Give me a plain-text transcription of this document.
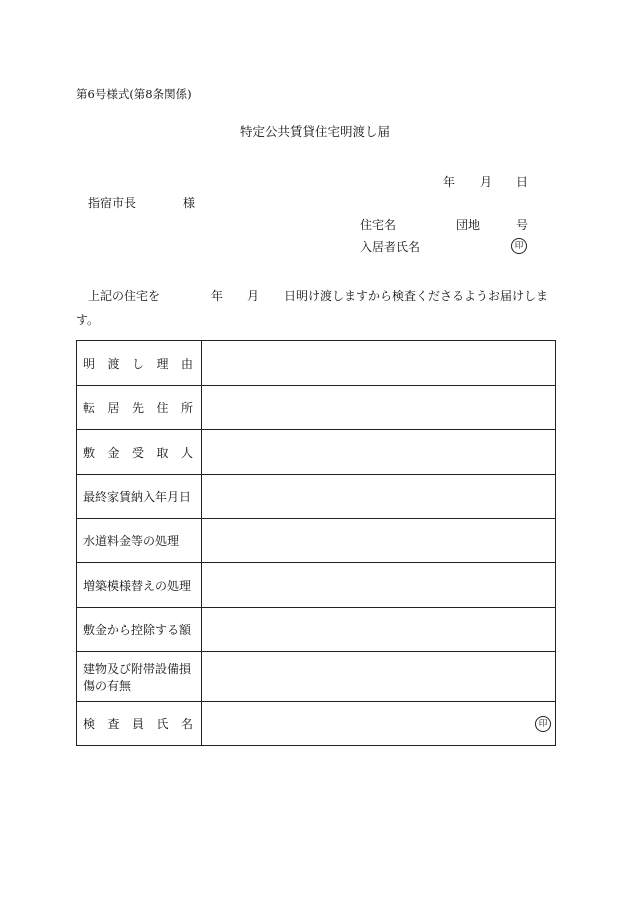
第6号様式(第8条関係)
特定公共賃貸住宅明渡し届
年 月 日
指宿市長	様
住宅名	団地	号
入居者氏名	印
上記の住宅を	年 月 日明け渡しますから検査くださるようお届けしま
す。
明 渡 し 理 由	

転 居 先 住 所	

敷 金 受 取 人	

最終家賃納入年月日	

水道料金等の処理	

増築模様替えの処理	

敷金から控除する額	

建物及び附帯設備損傷の有無	

検 査 員 氏 名	印
